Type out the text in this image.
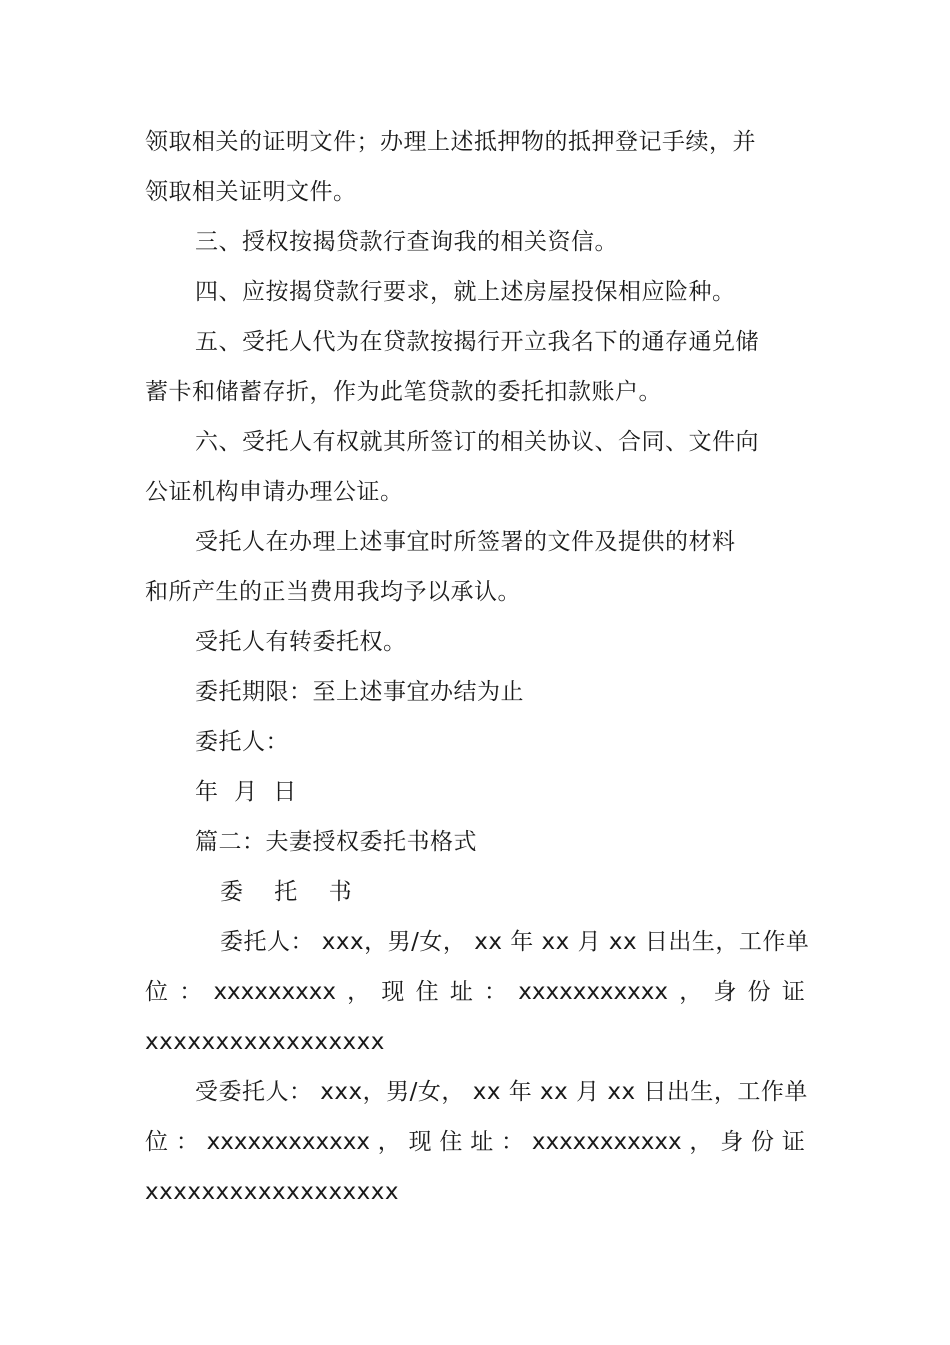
领取相关的证明文件；办理上述抵押物的抵押登记手续，并
领取相关证明文件。
三、授权按揭贷款行查询我的相关资信。
四、应按揭贷款行要求，就上述房屋投保相应险种。
五、受托人代为在贷款按揭行开立我名下的通存通兑储
蓄卡和储蓄存折，作为此笔贷款的委托扣款账户。
六、受托人有权就其所签订的相关协议、合同、文件向
公证机构申请办理公证。
受托人在办理上述事宜时所签署的文件及提供的材料
和所产生的正当费用我均予以承认。
受托人有转委托权。
委托期限：至上述事宜办结为止
委托人：
年  月  日
篇二：夫妻授权委托书格式
委 托 书
委托人： xxx，男/女， xx 年 xx 月 xx 日出生，工作单
位 ： xxxxxxxxx ， 现 住 址 ： xxxxxxxxxxx ， 身 份 证
xxxxxxxxxxxxxxxxx
受委托人： xxx，男/女， xx 年 xx 月 xx 日出生，工作单
位 ： xxxxxxxxxxxx ， 现 住 址 ： xxxxxxxxxxx ， 身 份 证
xxxxxxxxxxxxxxxxxx
